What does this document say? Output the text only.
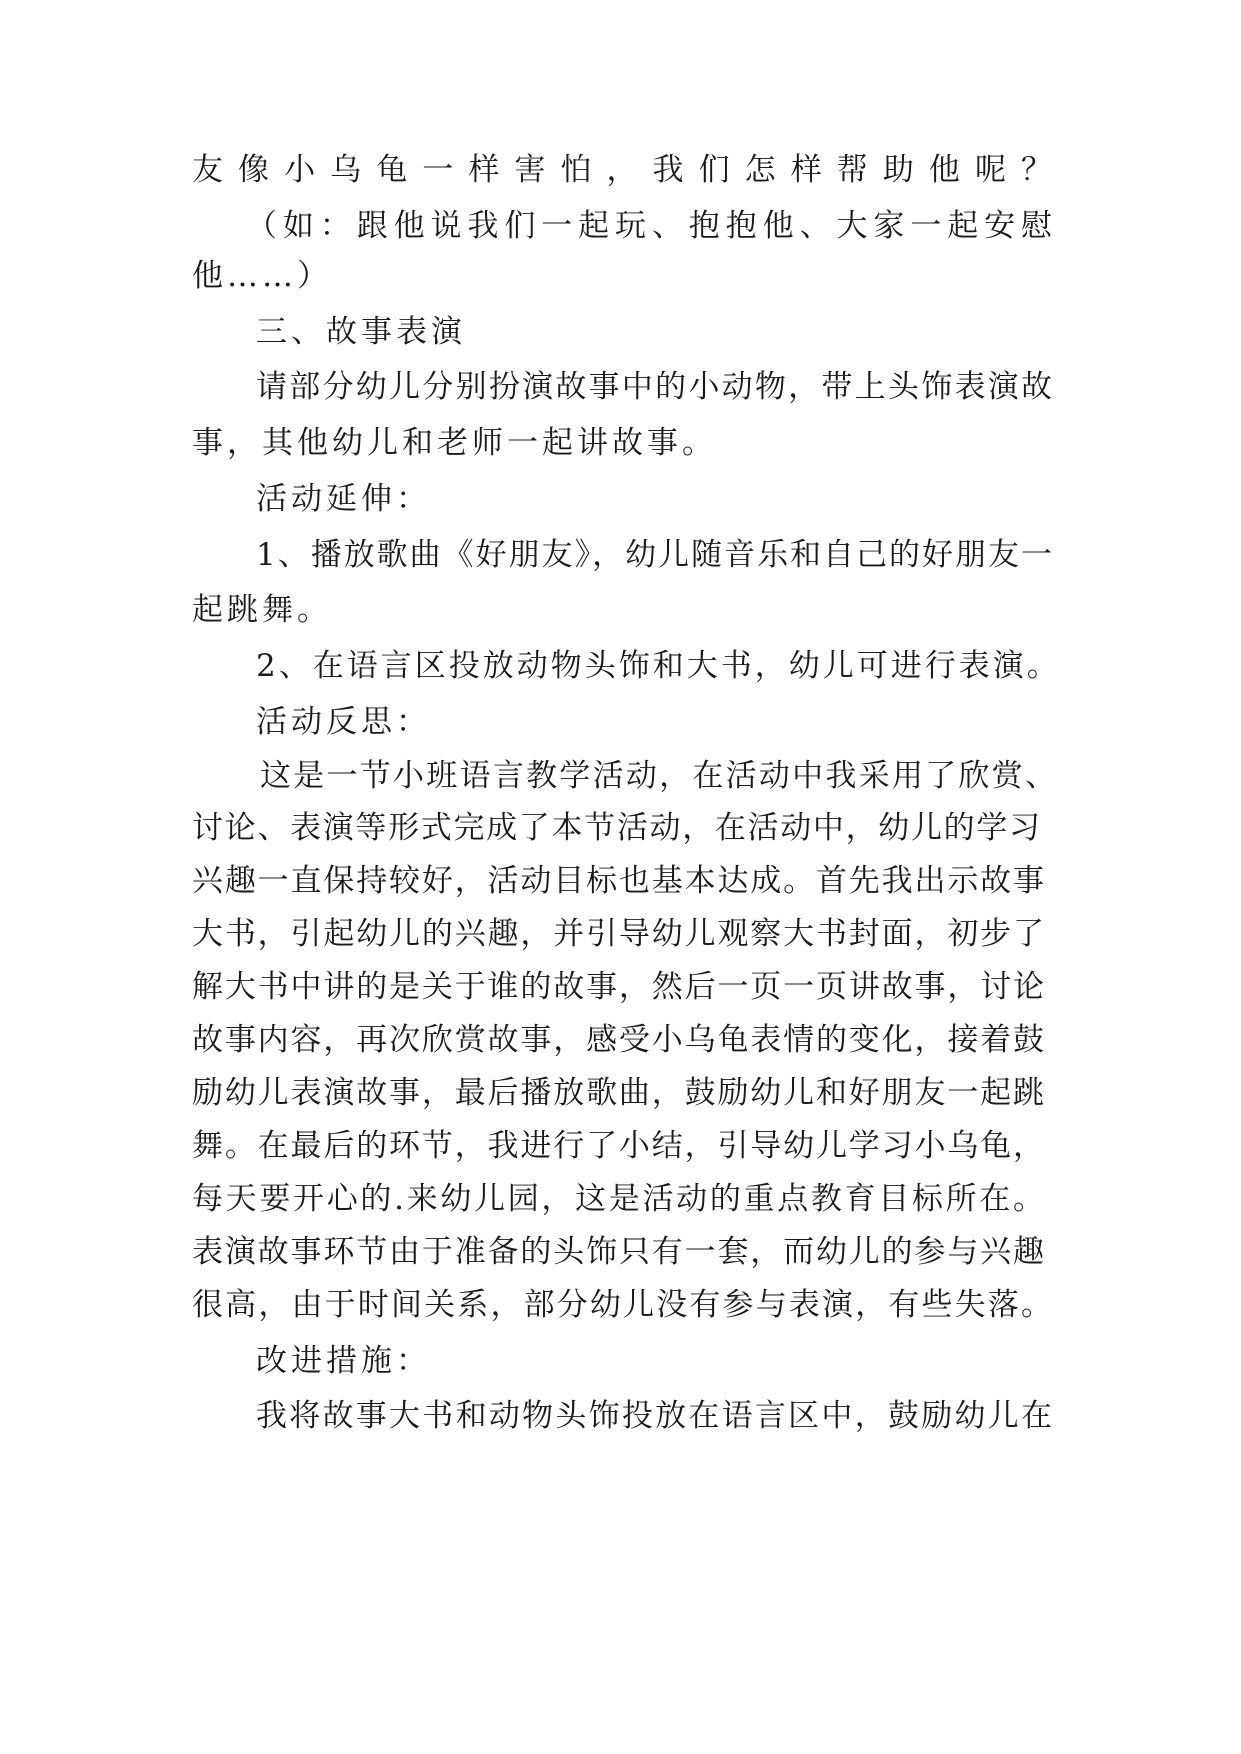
友像小乌龟一样害怕，我们怎样帮助他呢？
（如：跟他说我们一起玩、抱抱他、大家一起安慰
他……）
三、故事表演
请部分幼儿分别扮演故事中的小动物，带上头饰表演故
事，其他幼儿和老师一起讲故事。
活动延伸：
1、播放歌曲《好朋友》，幼儿随音乐和自己的好朋友一
起跳舞。
2、在语言区投放动物头饰和大书，幼儿可进行表演。
活动反思：
这是一节小班语言教学活动，在活动中我采用了欣赏、
讨论、表演等形式完成了本节活动，在活动中，幼儿的学习
兴趣一直保持较好，活动目标也基本达成。首先我出示故事
大书，引起幼儿的兴趣，并引导幼儿观察大书封面，初步了
解大书中讲的是关于谁的故事，然后一页一页讲故事，讨论
故事内容，再次欣赏故事，感受小乌龟表情的变化，接着鼓
励幼儿表演故事，最后播放歌曲，鼓励幼儿和好朋友一起跳
舞。在最后的环节，我进行了小结，引导幼儿学习小乌龟，
每天要开心的.来幼儿园，这是活动的重点教育目标所在。
表演故事环节由于准备的头饰只有一套，而幼儿的参与兴趣
很高，由于时间关系，部分幼儿没有参与表演，有些失落。
改进措施：
我将故事大书和动物头饰投放在语言区中，鼓励幼儿在
